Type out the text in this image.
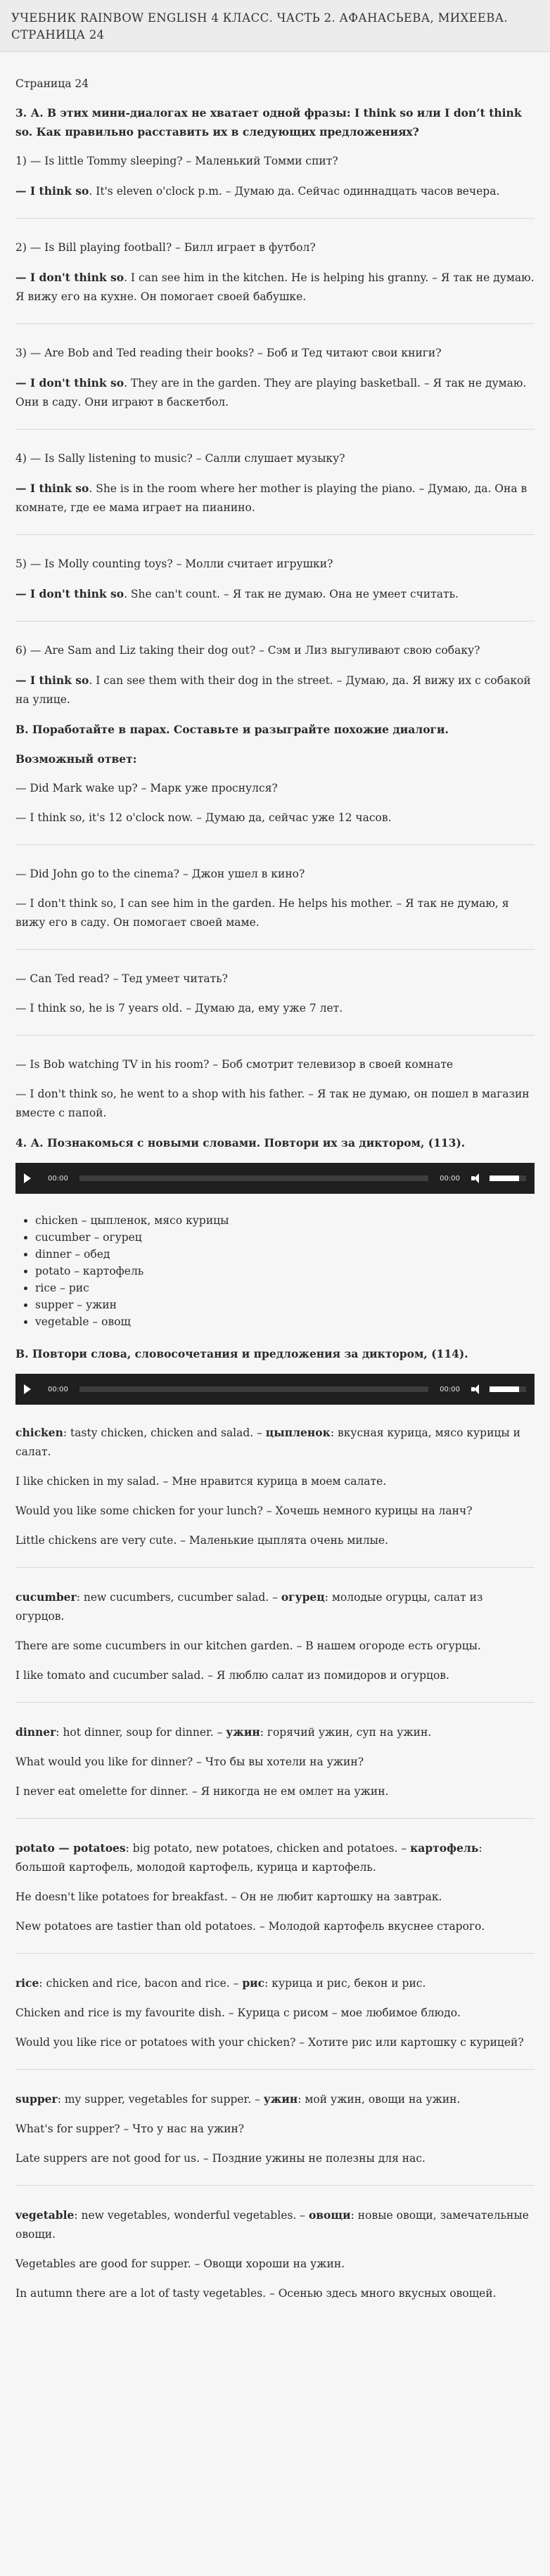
УЧЕБНИК RAINBOW ENGLISH 4 КЛАСС. ЧАСТЬ 2. АФАНАСЬЕВА, МИХЕЕВА. СТРАНИЦА 24

Страница 24

3. А. В этих мини-диалогах не хватает одной фразы: I think so или I don’t think so. Как правильно расставить их в следующих предложениях?

1) — Is little Tommy sleeping? – Маленький Томми спит?

— I think so. It's eleven o'clock p.m. – Думаю да. Сейчас одиннадцать часов вечера.

2) — Is Bill playing football? – Билл играет в футбол?

— I don't think so. I can see him in the kitchen. He is helping his granny. – Я так не думаю. Я вижу его на кухне. Он помогает своей бабушке.

3) — Are Bob and Ted reading their books? – Боб и Тед читают свои книги?

— I don't think so. They are in the garden. They are playing basketball. – Я так не думаю. Они в саду. Они играют в баскетбол.

4) — Is Sally listening to music? – Салли слушает музыку?

— I think so. She is in the room where her mother is playing the piano. – Думаю, да. Она в комнате, где ее мама играет на пианино.

5) — Is Molly counting toys? – Молли считает игрушки?

— I don't think so. She can't count. – Я так не думаю. Она не умеет считать.

6) — Are Sam and Liz taking their dog out? – Сэм и Лиз выгуливают свою собаку?

— I think so. I can see them with their dog in the street. – Думаю, да. Я вижу их с собакой на улице.

В. Поработайте в парах. Составьте и разыграйте похожие диалоги.

Возможный ответ:

— Did Mark wake up? – Марк уже проснулся?

— I think so, it's 12 o'clock now. – Думаю да, сейчас уже 12 часов.

— Did John go to the cinema? – Джон ушел в кино?

— I don't think so, I can see him in the garden. He helps his mother. – Я так не думаю, я вижу его в саду. Он помогает своей маме.

— Can Ted read? – Тед умеет читать?

— I think so, he is 7 years old. – Думаю да, ему уже 7 лет.

— Is Bob watching TV in his room? – Боб смотрит телевизор в своей комнате

— I don't think so, he went to a shop with his father. – Я так не думаю, он пошел в магазин вместе с папой.

4. А. Познакомься с новыми словами. Повтори их за диктором, (113).

00:00	00:00
• chicken – цыпленок, мясо курицы
• cucumber – огурец
• dinner – обед
• potato – картофель
• rice – рис
• supper – ужин
• vegetable – овощ

В. Повтори слова, словосочетания и предложения за диктором, (114).

00:00	00:00

chicken: tasty chicken, chicken and salad. – цыпленок: вкусная курица, мясо курицы и салат.

I like chicken in my salad. – Мне нравится курица в моем салате.

Would you like some chicken for your lunch? – Хочешь немного курицы на ланч?

Little chickens are very cute. – Маленькие цыплята очень милые.

cucumber: new cucumbers, cucumber salad. – огурец: молодые огурцы, салат из огурцов.

There are some cucumbers in our kitchen garden. – В нашем огороде есть огурцы.

I like tomato and cucumber salad. – Я люблю салат из помидоров и огурцов.

dinner: hot dinner, soup for dinner. – ужин: горячий ужин, суп на ужин.

What would you like for dinner? – Что бы вы хотели на ужин?

I never eat omelette for dinner. – Я никогда не ем омлет на ужин.

potato — potatoes: big potato, new potatoes, chicken and potatoes. – картофель: большой картофель, молодой картофель, курица и картофель.

He doesn't like potatoes for breakfast. – Он не любит картошку на завтрак.

New potatoes are tastier than old potatoes. – Молодой картофель вкуснее старого.

rice: chicken and rice, bacon and rice. – рис: курица и рис, бекон и рис.

Chicken and rice is my favourite dish. – Курица с рисом – мое любимое блюдо.

Would you like rice or potatoes with your chicken? – Хотите рис или картошку с курицей?

supper: my supper, vegetables for supper. – ужин: мой ужин, овощи на ужин.

What's for supper? – Что у нас на ужин?

Late suppers are not good for us. – Поздние ужины не полезны для нас.

vegetable: new vegetables, wonderful vegetables. – овощи: новые овощи, замечательные овощи.

Vegetables are good for supper. – Овощи хороши на ужин.

In autumn there are a lot of tasty vegetables. – Осенью здесь много вкусных овощей.
